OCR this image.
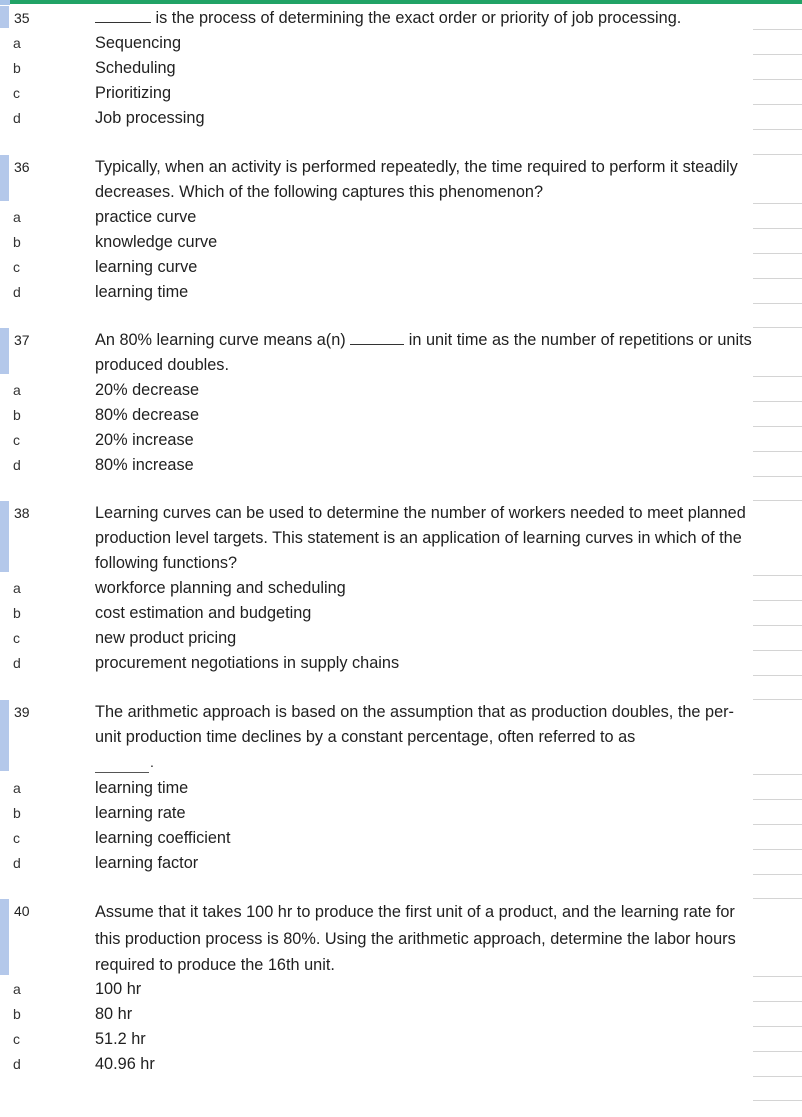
35	is the process of determining the exact order or priority of job processing.
a	Sequencing
b	Scheduling
c	Prioritizing
d	Job processing
36	Typically, when an activity is performed repeatedly, the time required to perform it steadily decreases. Which of the following captures this phenomenon?
a	practice curve
b	knowledge curve
c	learning curve
d	learning time
37	An 80% learning curve means a(n)	in unit time as the number of repetitions or units produced doubles.
a	20% decrease
b	80% decrease
c	20% increase
d	80% increase
38	Learning curves can be used to determine the number of workers needed to meet planned production level targets. This statement is an application of learning curves in which of the following functions?
a	workforce planning and scheduling
b	cost estimation and budgeting
c	new product pricing
d	procurement negotiations in supply chains
39	The arithmetic approach is based on the assumption that as production doubles, the per-unit production time declines by a constant percentage, often referred to as
.
a	learning time
b	learning rate
c	learning coefficient
d	learning factor
40	Assume that it takes 100 hr to produce the first unit of a product, and the learning rate for this production process is 80%. Using the arithmetic approach, determine the labor hours required to produce the 16th unit.
a	100 hr
b	80 hr
c	51.2 hr
d	40.96 hr
